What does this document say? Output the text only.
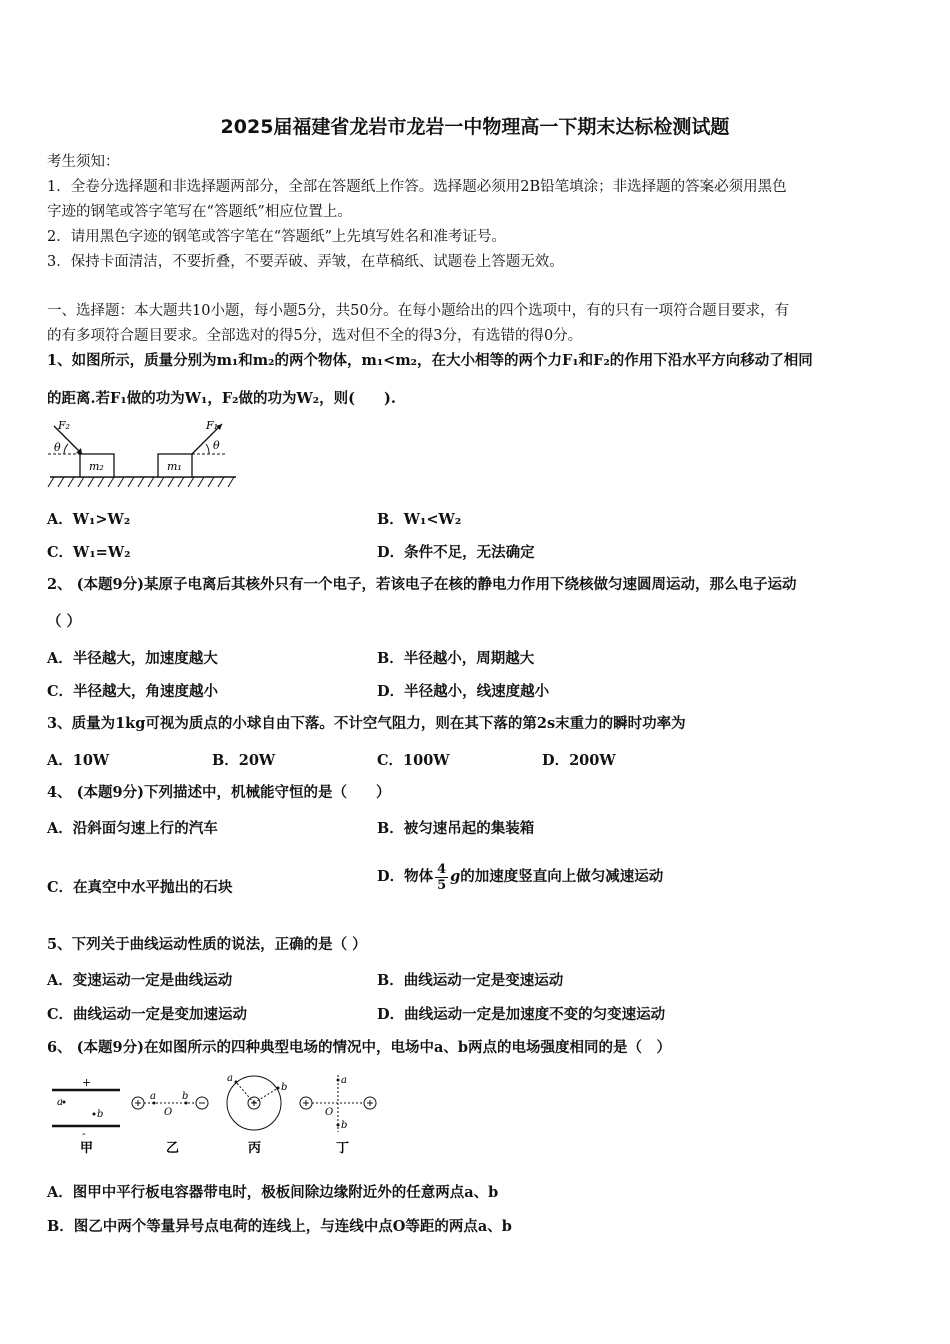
2025届福建省龙岩市龙岩一中物理高一下期末达标检测试题
考生须知：
1．全卷分选择题和非选择题两部分，全部在答题纸上作答。选择题必须用2B铅笔填涂；非选择题的答案必须用黑色
字迹的钢笔或答字笔写在“答题纸”相应位置上。
2．请用黑色字迹的钢笔或答字笔在“答题纸”上先填写姓名和准考证号。
3．保持卡面清洁，不要折叠，不要弄破、弄皱，在草稿纸、试题卷上答题无效。
一、选择题：本大题共10小题，每小题5分，共50分。在每小题给出的四个选项中，有的只有一项符合题目要求，有
的有多项符合题目要求。全部选对的得5分，选对但不全的得3分，有选错的得0分。
1、如图所示，质量分别为m₁和m₂的两个物体，m₁<m₂，在大小相等的两个力F₁和F₂的作用下沿水平方向移动了相同
的距离.若F₁做的功为W₁，F₂做的功为W₂，则(　　).
F₂	F₁
θ	θ
m₂	m₁
A．W₁>W₂	B．W₁<W₂
C．W₁=W₂	D．条件不足，无法确定
2、 (本题9分)某原子电离后其核外只有一个电子，若该电子在核的静电力作用下绕核做匀速圆周运动，那么电子运动
（ ）
A．半径越大，加速度越大	B．半径越小，周期越大
C．半径越大，角速度越小	D．半径越小，线速度越小
3、质量为1kg可视为质点的小球自由下落。不计空气阻力，则在其下落的第2s末重力的瞬时功率为
A．10W	B．20W	C．100W	D．200W
4、 (本题9分)下列描述中，机械能守恒的是（　　）
A．沿斜面匀速上行的汽车	B．被匀速吊起的集装箱
C．在真空中水平抛出的石块
D．物体 $\frac{4}{5}$ g的加速度竖直向上做匀减速运动
5、下列关于曲线运动性质的说法，正确的是（ ）
A．变速运动一定是曲线运动	B．曲线运动一定是变速运动
C．曲线运动一定是变加速运动	D．曲线运动一定是加速度不变的匀变速运动
6、 (本题9分)在如图所示的四种典型电场的情况中，电场中a、b两点的电场强度相同的是（　）
+
-
a
b
甲
a	b
O
乙
a
b
丙
a
b
O
丁
A．图甲中平行板电容器带电时，极板间除边缘附近外的任意两点a、b
B．图乙中两个等量异号点电荷的连线上，与连线中点O等距的两点a、b
